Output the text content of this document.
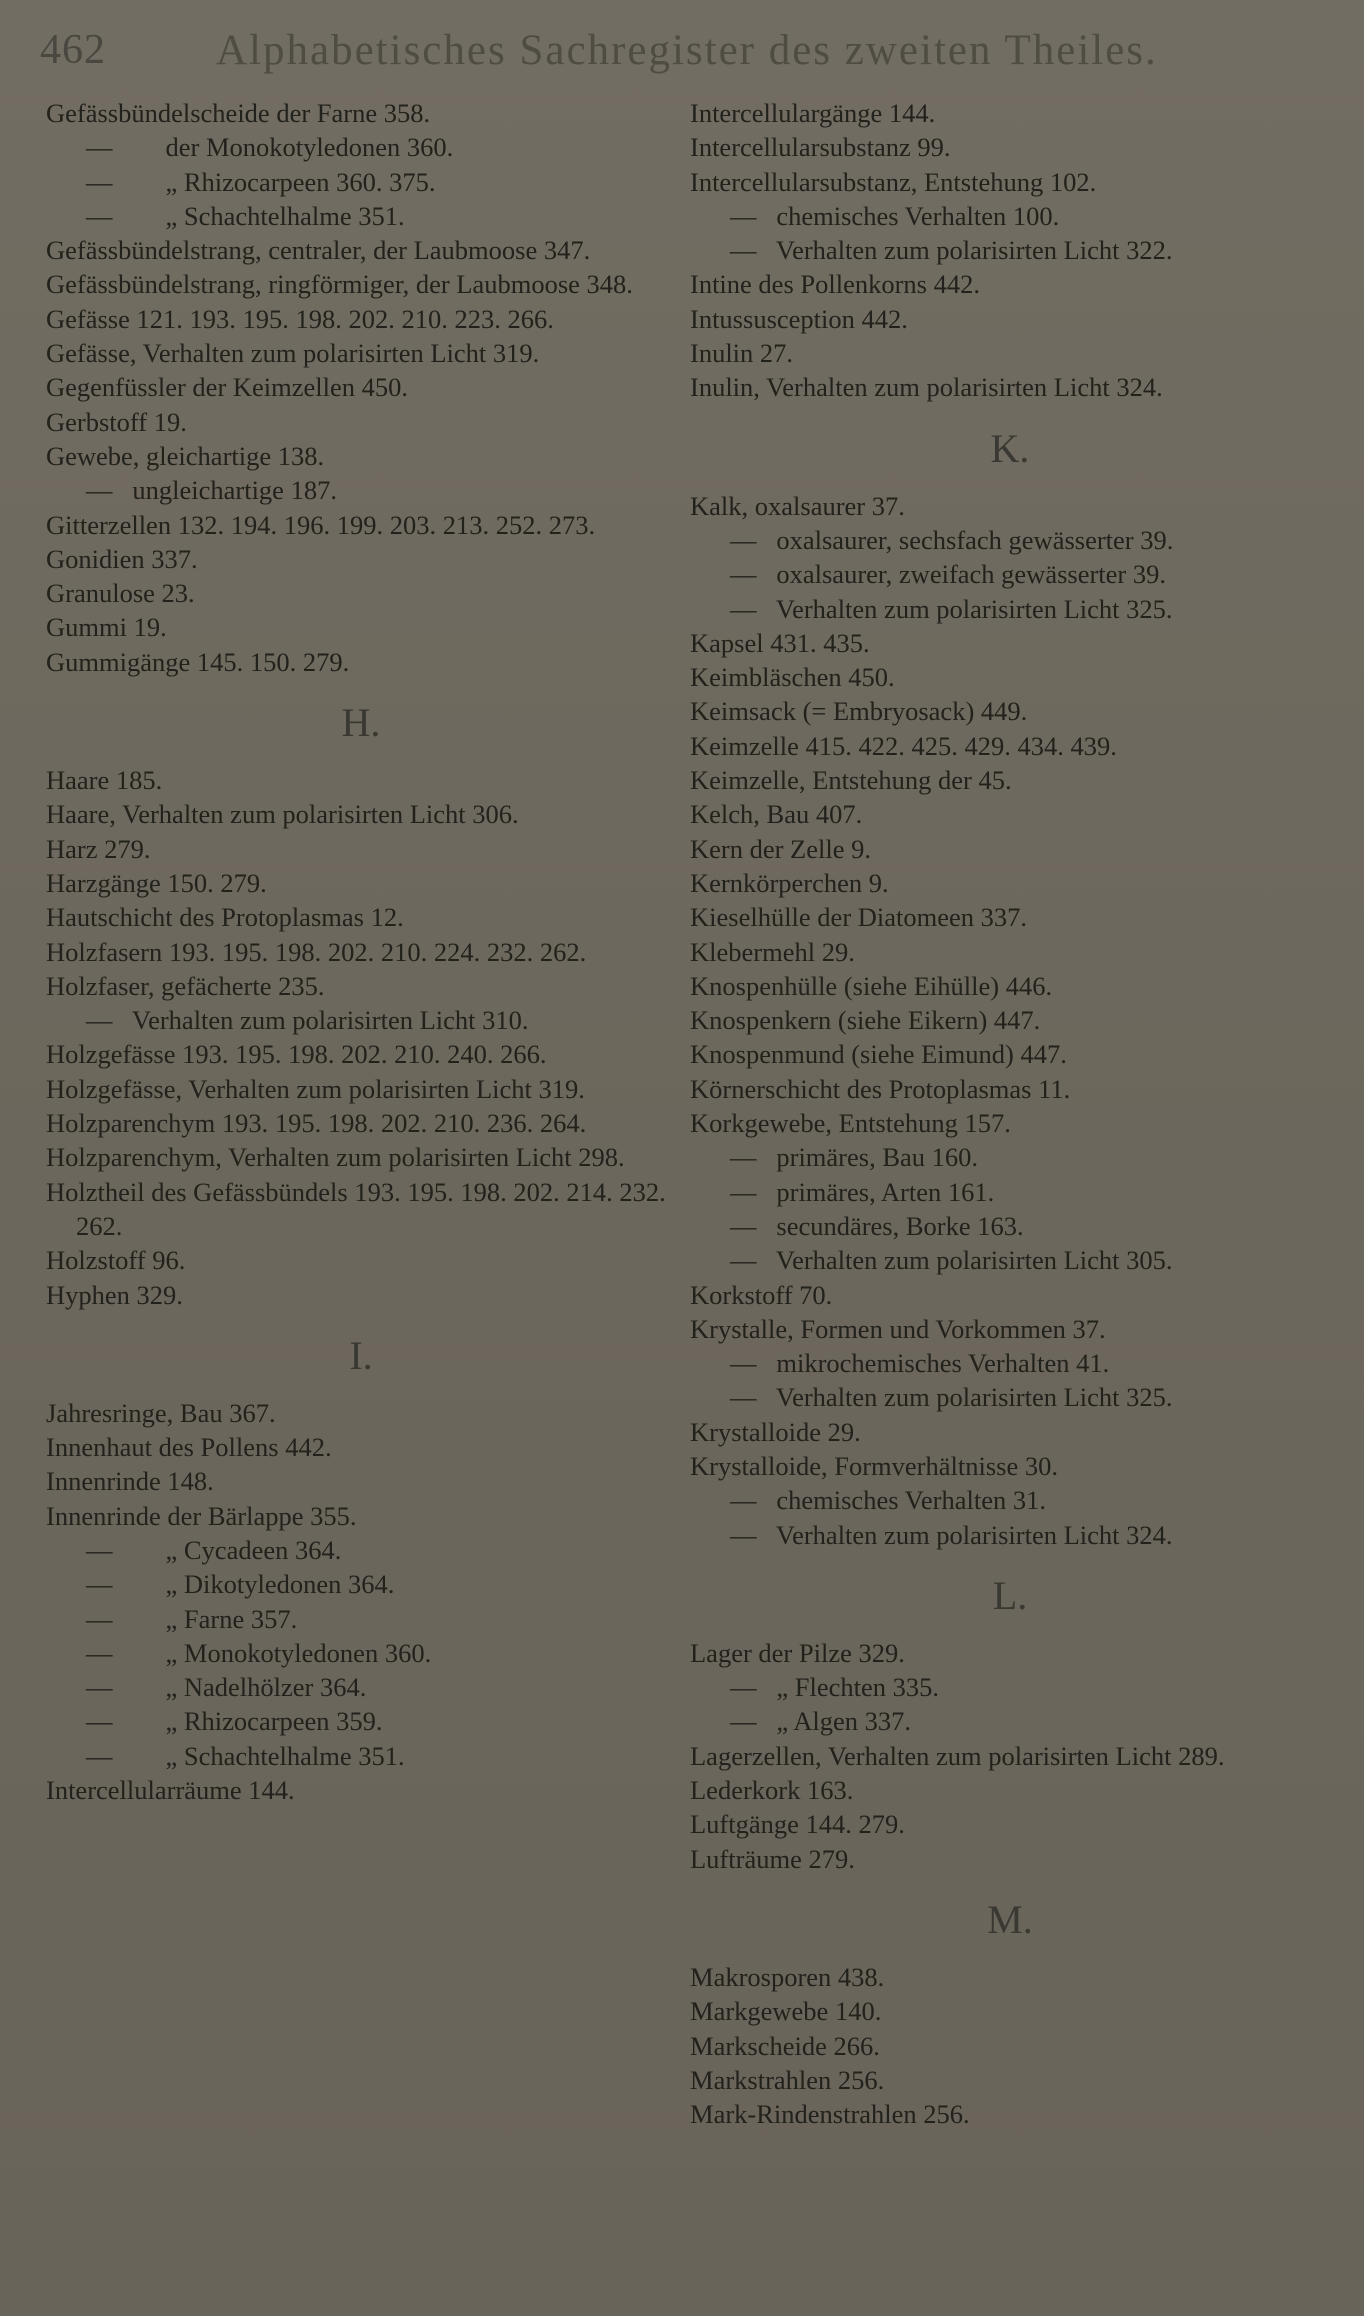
462	Alphabetisches Sachregister des zweiten Theiles.
Gefässbündelscheide der Farne 358.
—        der Monokotyledonen 360.
—        „ Rhizocarpeen 360. 375.
—        „ Schachtelhalme 351.
Gefässbündelstrang, centraler, der Laubmoose 347.
Gefässbündelstrang, ringförmiger, der Laubmoose 348.
Gefässe 121. 193. 195. 198. 202. 210. 223. 266.
Gefässe, Verhalten zum polarisirten Licht 319.
Gegenfüssler der Keimzellen 450.
Gerbstoff 19.
Gewebe, gleichartige 138.
—   ungleichartige 187.
Gitterzellen 132. 194. 196. 199. 203. 213. 252. 273.
Gonidien 337.
Granulose 23.
Gummi 19.
Gummigänge 145. 150. 279.
H.
Haare 185.
Haare, Verhalten zum polarisirten Licht 306.
Harz 279.
Harzgänge 150. 279.
Hautschicht des Protoplasmas 12.
Holzfasern 193. 195. 198. 202. 210. 224. 232. 262.
Holzfaser, gefächerte 235.
—   Verhalten zum polarisirten Licht 310.
Holzgefässe 193. 195. 198. 202. 210. 240. 266.
Holzgefässe, Verhalten zum polarisirten Licht 319.
Holzparenchym 193. 195. 198. 202. 210. 236. 264.
Holzparenchym, Verhalten zum polarisirten Licht 298.
Holztheil des Gefässbündels 193. 195. 198. 202. 214. 232. 262.
Holzstoff 96.
Hyphen 329.
I.
Jahresringe, Bau 367.
Innenhaut des Pollens 442.
Innenrinde 148.
Innenrinde der Bärlappe 355.
—        „ Cycadeen 364.
—        „ Dikotyledonen 364.
—        „ Farne 357.
—        „ Monokotyledonen 360.
—        „ Nadelhölzer 364.
—        „ Rhizocarpeen 359.
—        „ Schachtelhalme 351.
Intercellularräume 144.
Intercellulargänge 144.
Intercellularsubstanz 99.
Intercellularsubstanz, Entstehung 102.
—   chemisches Verhalten 100.
—   Verhalten zum polarisirten Licht 322.
Intine des Pollenkorns 442.
Intussusception 442.
Inulin 27.
Inulin, Verhalten zum polarisirten Licht 324.
K.
Kalk, oxalsaurer 37.
—   oxalsaurer, sechsfach gewässerter 39.
—   oxalsaurer, zweifach gewässerter 39.
—   Verhalten zum polarisirten Licht 325.
Kapsel 431. 435.
Keimbläschen 450.
Keimsack (= Embryosack) 449.
Keimzelle 415. 422. 425. 429. 434. 439.
Keimzelle, Entstehung der 45.
Kelch, Bau 407.
Kern der Zelle 9.
Kernkörperchen 9.
Kieselhülle der Diatomeen 337.
Klebermehl 29.
Knospenhülle (siehe Eihülle) 446.
Knospenkern (siehe Eikern) 447.
Knospenmund (siehe Eimund) 447.
Körnerschicht des Protoplasmas 11.
Korkgewebe, Entstehung 157.
—   primäres, Bau 160.
—   primäres, Arten 161.
—   secundäres, Borke 163.
—   Verhalten zum polarisirten Licht 305.
Korkstoff 70.
Krystalle, Formen und Vorkommen 37.
—   mikrochemisches Verhalten 41.
—   Verhalten zum polarisirten Licht 325.
Krystalloide 29.
Krystalloide, Formverhältnisse 30.
—   chemisches Verhalten 31.
—   Verhalten zum polarisirten Licht 324.
L.
Lager der Pilze 329.
—   „ Flechten 335.
—   „ Algen 337.
Lagerzellen, Verhalten zum polarisirten Licht 289.
Lederkork 163.
Luftgänge 144. 279.
Lufträume 279.
M.
Makrosporen 438.
Markgewebe 140.
Markscheide 266.
Markstrahlen 256.
Mark-Rindenstrahlen 256.
